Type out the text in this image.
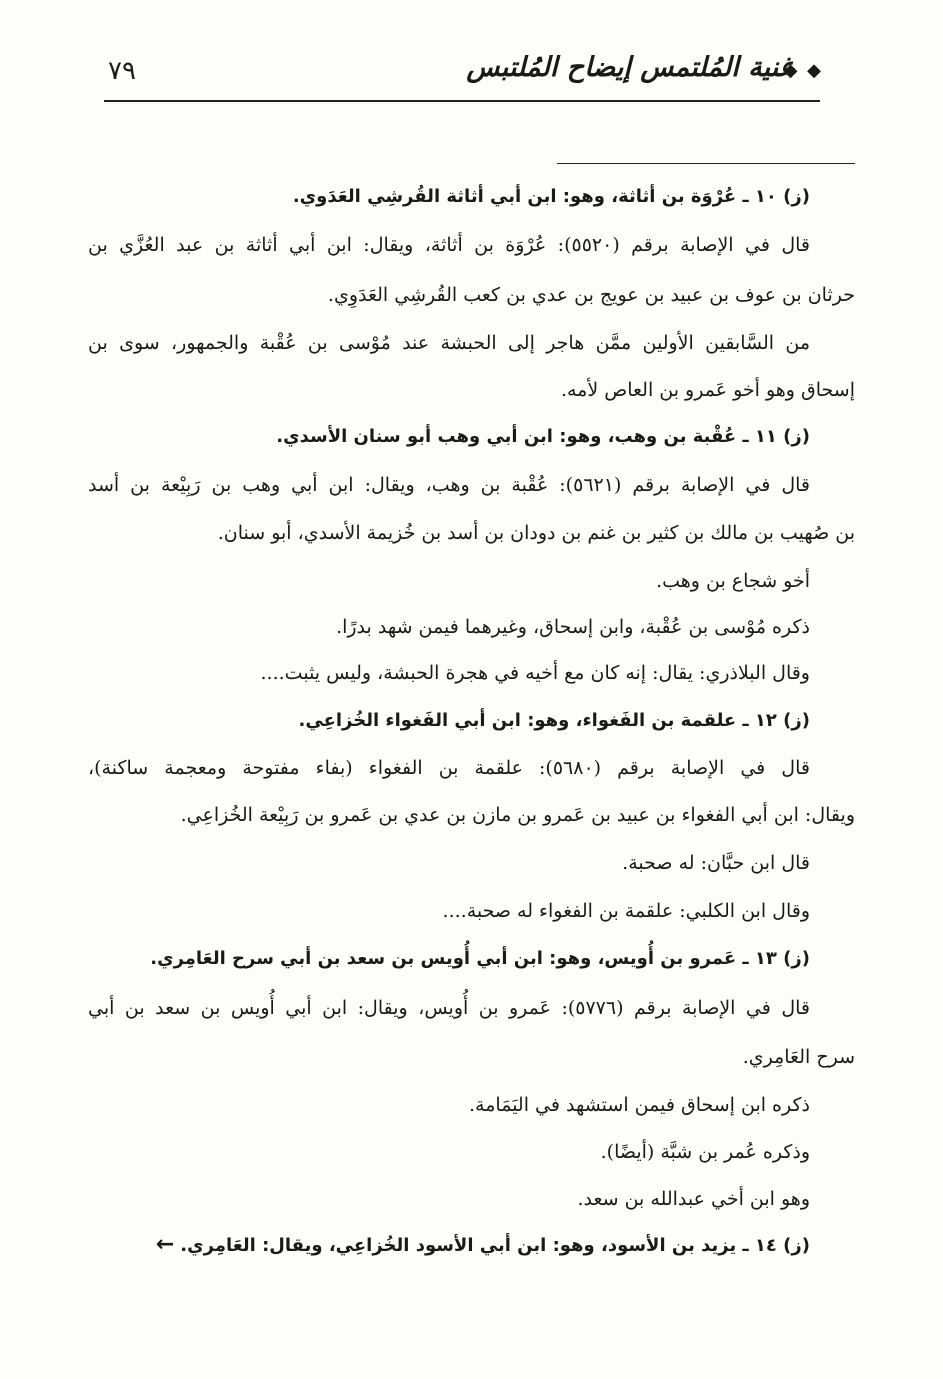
◆ ◆
غنية المُلتمس إيضاح المُلتبس
٧٩
(ز) ١٠ ـ عُرْوَة بن أثاثة، وهو: ابن أبي أثاثة القُرشِي العَدَوي.
قال في الإصابة برقم (٥٥٢٠): عُرْوَة بن أثاثة، ويقال: ابن أبي أثاثة بن عبد العُزَّي بن
حرثان بن عوف بن عبيد بن عويج بن عدي بن كعب القُرشِي العَدَوِي.
من السَّابقين الأولين ممَّن هاجر إلى الحبشة عند مُوْسى بن عُقْبة والجمهور، سوى بن
إسحاق وهو أخو عَمرو بن العاص لأمه.
(ز) ١١ ـ عُقْبة بن وهب، وهو: ابن أبي وهب أبو سنان الأسدي.
قال في الإصابة برقم (٥٦٢١): عُقْبة بن وهب، ويقال: ابن أبي وهب بن رَبِيْعة بن أسد
بن صُهيب بن مالك بن كثير بن غنم بن دودان بن أسد بن خُزيمة الأسدي، أبو سنان.
أخو شجاع بن وهب.
ذكره مُوْسى بن عُقْبة، وابن إسحاق، وغيرهما فيمن شهد بدرًا.
وقال البلاذري: يقال: إنه كان مع أخيه في هجرة الحبشة، وليس يثبت....
(ز) ١٢ ـ علقمة بن الفَغواء، وهو: ابن أبي الفَغواء الخُزاعِي.
قال في الإصابة برقم (٥٦٨٠): علقمة بن الفغواء (بفاء مفتوحة ومعجمة ساكنة)،
ويقال: ابن أبي الفغواء بن عبيد بن عَمرو بن مازن بن عدي بن عَمرو بن رَبِيْعة الخُزاعِي.
قال ابن حبَّان: له صحبة.
وقال ابن الكلبي: علقمة بن الفغواء له صحبة....
(ز) ١٣ ـ عَمرو بن أُويس، وهو: ابن أبي أُويس بن سعد بن أبي سرح العَامِري.
قال في الإصابة برقم (٥٧٧٦): عَمرو بن أُويس، ويقال: ابن أبي أُويس بن سعد بن أبي
سرح العَامِري.
ذكره ابن إسحاق فيمن استشهد في اليَمَامة.
وذكره عُمر بن شبَّة (أيضًا).
وهو ابن أخي عبدالله بن سعد.
(ز) ١٤ ـ يزيد بن الأسود، وهو: ابن أبي الأسود الخُزاعِي، ويقال: العَامِري.←
